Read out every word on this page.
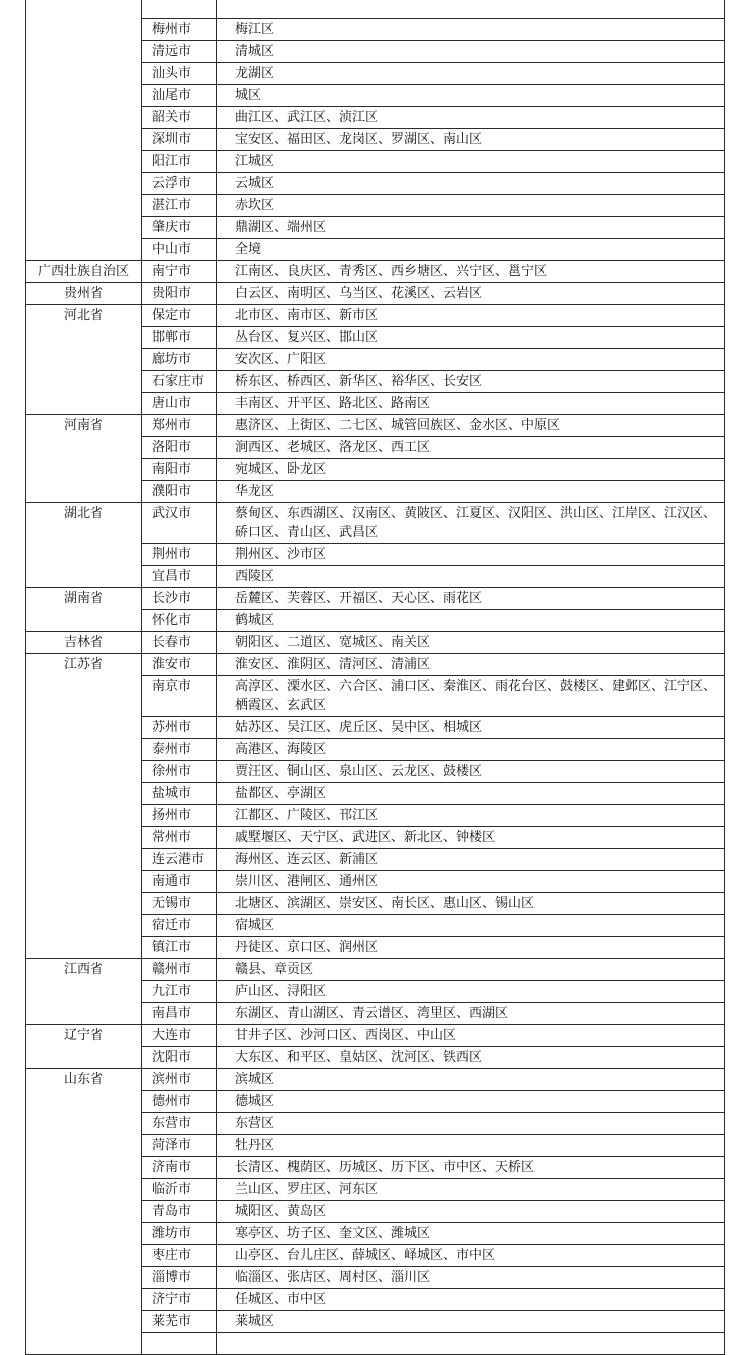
	梅州市	梅江区
	清远市	清城区
	汕头市	龙湖区
	汕尾市	城区
	韶关市	曲江区、武江区、浈江区
	深圳市	宝安区、福田区、龙岗区、罗湖区、南山区
	阳江市	江城区
	云浮市	云城区
	湛江市	赤坎区
	肇庆市	鼎湖区、端州区
	中山市	全境
广西壮族自治区	南宁市	江南区、良庆区、青秀区、西乡塘区、兴宁区、邕宁区
贵州省	贵阳市	白云区、南明区、乌当区、花溪区、云岩区
河北省	保定市	北市区、南市区、新市区
	邯郸市	丛台区、复兴区、邯山区
	廊坊市	安次区、广阳区
	石家庄市	桥东区、桥西区、新华区、裕华区、长安区
	唐山市	丰南区、开平区、路北区、路南区
河南省	郑州市	惠济区、上街区、二七区、城管回族区、金水区、中原区
	洛阳市	涧西区、老城区、洛龙区、西工区
	南阳市	宛城区、卧龙区
	濮阳市	华龙区
湖北省	武汉市	蔡甸区、东西湖区、汉南区、黄陂区、江夏区、汉阳区、洪山区、江岸区、江汉区、硚口区、青山区、武昌区
	荆州市	荆州区、沙市区
	宜昌市	西陵区
湖南省	长沙市	岳麓区、芙蓉区、开福区、天心区、雨花区
	怀化市	鹤城区
吉林省	长春市	朝阳区、二道区、宽城区、南关区
江苏省	淮安市	淮安区、淮阴区、清河区、清浦区
	南京市	高淳区、溧水区、六合区、浦口区、秦淮区、雨花台区、鼓楼区、建邺区、江宁区、栖霞区、玄武区
	苏州市	姑苏区、吴江区、虎丘区、吴中区、相城区
	泰州市	高港区、海陵区
	徐州市	贾汪区、铜山区、泉山区、云龙区、鼓楼区
	盐城市	盐都区、亭湖区
	扬州市	江都区、广陵区、邗江区
	常州市	戚墅堰区、天宁区、武进区、新北区、钟楼区
	连云港市	海州区、连云区、新浦区
	南通市	崇川区、港闸区、通州区
	无锡市	北塘区、滨湖区、崇安区、南长区、惠山区、锡山区
	宿迁市	宿城区
	镇江市	丹徒区、京口区、润州区
江西省	赣州市	赣县、章贡区
	九江市	庐山区、浔阳区
	南昌市	东湖区、青山湖区、青云谱区、湾里区、西湖区
辽宁省	大连市	甘井子区、沙河口区、西岗区、中山区
	沈阳市	大东区、和平区、皇姑区、沈河区、铁西区
山东省	滨州市	滨城区
	德州市	德城区
	东营市	东营区
	菏泽市	牡丹区
	济南市	长清区、槐荫区、历城区、历下区、市中区、天桥区
	临沂市	兰山区、罗庄区、河东区
	青岛市	城阳区、黄岛区
	潍坊市	寒亭区、坊子区、奎文区、潍城区
	枣庄市	山亭区、台儿庄区、薛城区、峄城区、市中区
	淄博市	临淄区、张店区、周村区、淄川区
	济宁市	任城区、市中区
	莱芜市	莱城区
